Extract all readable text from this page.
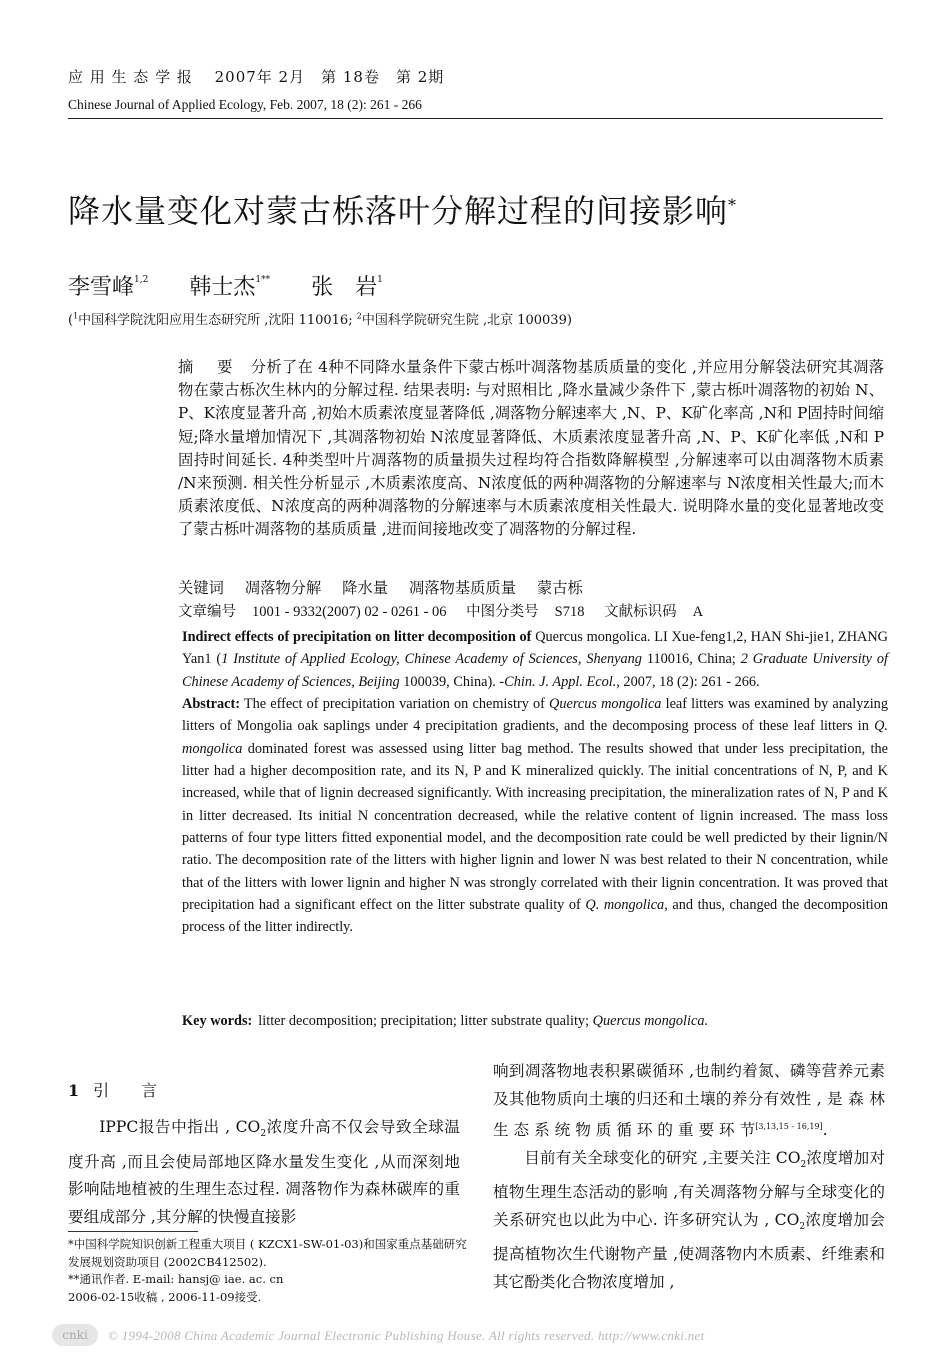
应 用 生 态 学 报　 2007年 2月　第 18卷　第 2期
Chinese Journal of Applied Ecology, Feb. 2007, 18 (2): 261 - 266
降水量变化对蒙古栎落叶分解过程的间接影响*
李雪峰$^{1,2}$ 韩士杰$^{1**}$ 张　岩$^1$
($^1$中国科学院沈阳应用生态研究所 ,沈阳 110016; $^2$中国科学院研究生院 ,北京 100039)
摘　要 分析了在 4种不同降水量条件下蒙古栎叶凋落物基质质量的变化 ,并应用分解袋法研究其凋落物在蒙古栎次生林内的分解过程. 结果表明: 与对照相比 ,降水量减少条件下 ,蒙古栎叶凋落物的初始 N、P、K浓度显著升高 ,初始木质素浓度显著降低 ,凋落物分解速率大 ,N、P、K矿化率高 ,N和 P固持时间缩短;降水量增加情况下 ,其凋落物初始 N浓度显著降低、木质素浓度显著升高 ,N、P、K矿化率低 ,N和 P固持时间延长. 4种类型叶片凋落物的质量损失过程均符合指数降解模型 ,分解速率可以由凋落物木质素 /N来预测. 相关性分析显示 ,木质素浓度高、N浓度低的两种凋落物的分解速率与 N浓度相关性最大;而木质素浓度低、N浓度高的两种凋落物的分解速率与木质素浓度相关性最大. 说明降水量的变化显著地改变了蒙古栎叶凋落物的基质质量 ,进而间接地改变了凋落物的分解过程.
关键词 凋落物分解 降水量 凋落物基质质量 蒙古栎
文章编号 1001 - 9332(2007) 02 - 0261 - 06 中图分类号 S718 文献标识码 A

Indirect effects of precipitation on litter decomposition of Quercus mongolica. LI Xue-feng1,2, HAN Shi-jie1, ZHANG Yan1 (1 Institute of Applied Ecology, Chinese Academy of Sciences, Shenyang 110016, China; 2 Graduate University of Chinese Academy of Sciences, Beijing 100039, China). -Chin. J. Appl. Ecol., 2007, 18 (2): 261 - 266.

Abstract: The effect of precipitation variation on chemistry of Quercus mongolica leaf litters was examined by analyzing litters of Mongolia oak saplings under 4 precipitation gradients, and the decomposing process of these leaf litters in Q. mongolica dominated forest was assessed using litter bag method. The results showed that under less precipitation, the litter had a higher decomposition rate, and its N, P and K mineralized quickly. The initial concentrations of N, P, and K increased, while that of lignin decreased significantly. With increasing precipitation, the mineralization rates of N, P and K in litter decreased. Its initial N concentration decreased, while the relative content of lignin increased. The mass loss patterns of four type litters fitted exponential model, and the decomposition rate could be well predicted by their lignin/N ratio. The decomposition rate of the litters with higher lignin and lower N was best related to their N concentration, while that of the litters with lower lignin and higher N was strongly correlated with their lignin concentration. It was proved that precipitation had a significant effect on the litter substrate quality of Q. mongolica, and thus, changed the decomposition process of the litter indirectly.

Key words: litter decomposition; precipitation; litter substrate quality; Quercus mongolica.
1 引　　言

IPPC报告中指出 , $CO_2$浓度升高不仅会导致全球温度升高 ,而且会使局部地区降水量发生变化 ,从而深刻地影响陆地植被的生理生态过程. 凋落物作为森林碳库的重要组成部分 ,其分解的快慢直接影

响到凋落物地表积累碳循环 ,也制约着氮、磷等营养元素及其他物质向土壤的归还和土壤的养分有效性 , 是 森 林 生 态 系 统 物 质 循 环 的 重 要 环 节[3,13,15 - 16,19].

目前有关全球变化的研究 ,主要关注 $CO_2$浓度增加对植物生理生态活动的影响 ,有关凋落物分解与全球变化的关系研究也以此为中心. 许多研究认为 , $CO_2$浓度增加会提高植物次生代谢物产量 ,使凋落物内木质素、纤维素和其它酚类化合物浓度增加 ,

*中国科学院知识创新工程重大项目 ( KZCX1-SW-01-03)和国家重点基础研究发展规划资助项目 (2002CB412502).
**通讯作者. E-mail: hansj@ iae. ac. cn
2006-02-15收稿 , 2006-11-09接受.
cnki	© 1994-2008 China Academic Journal Electronic Publishing House. All rights reserved. http://www.cnki.net
